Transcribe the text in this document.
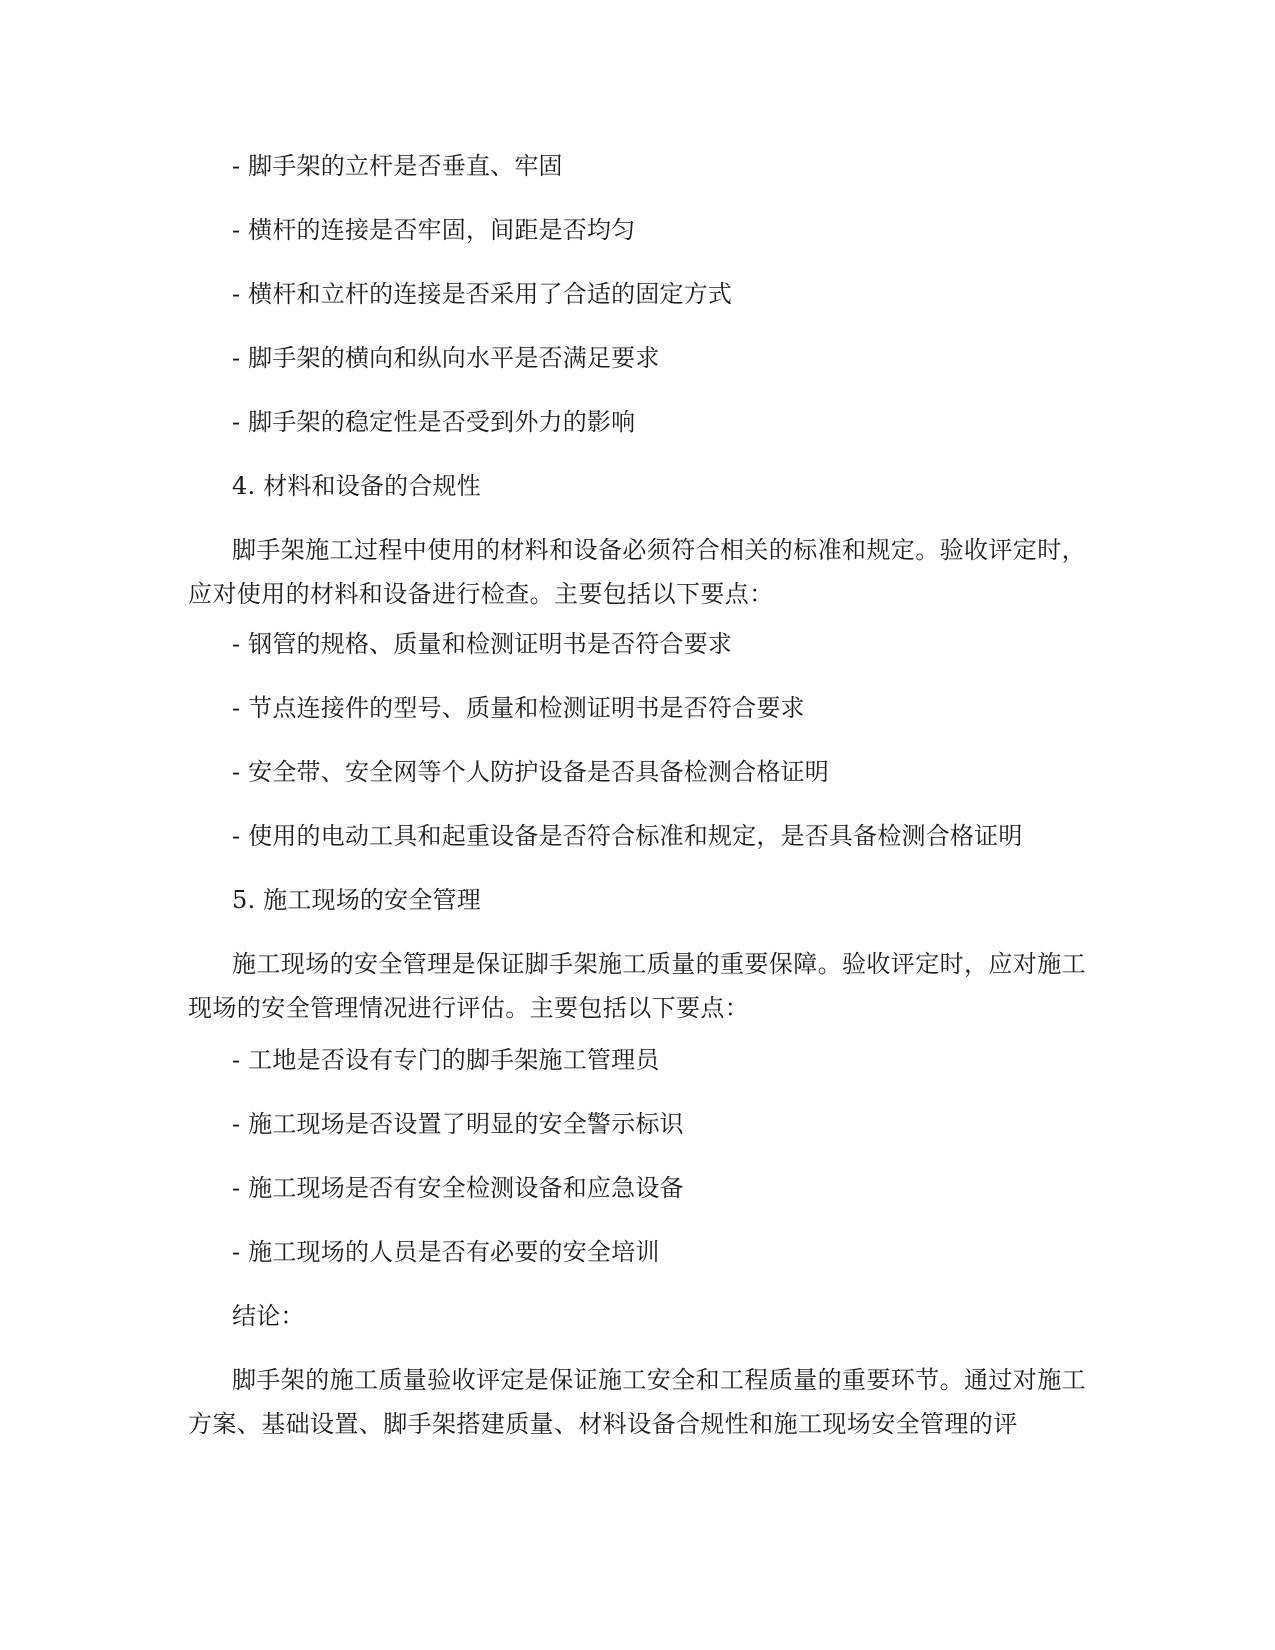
- 脚手架的立杆是否垂直、牢固
- 横杆的连接是否牢固，间距是否均匀
- 横杆和立杆的连接是否采用了合适的固定方式
- 脚手架的横向和纵向水平是否满足要求
- 脚手架的稳定性是否受到外力的影响
4. 材料和设备的合规性
脚手架施工过程中使用的材料和设备必须符合相关的标准和规定。验收评定时，应对使用的材料和设备进行检查。主要包括以下要点：
- 钢管的规格、质量和检测证明书是否符合要求
- 节点连接件的型号、质量和检测证明书是否符合要求
- 安全带、安全网等个人防护设备是否具备检测合格证明
- 使用的电动工具和起重设备是否符合标准和规定，是否具备检测合格证明
5. 施工现场的安全管理
施工现场的安全管理是保证脚手架施工质量的重要保障。验收评定时，应对施工现场的安全管理情况进行评估。主要包括以下要点：
- 工地是否设有专门的脚手架施工管理员
- 施工现场是否设置了明显的安全警示标识
- 施工现场是否有安全检测设备和应急设备
- 施工现场的人员是否有必要的安全培训
结论：
脚手架的施工质量验收评定是保证施工安全和工程质量的重要环节。通过对施工方案、基础设置、脚手架搭建质量、材料设备合规性和施工现场安全管理的评
